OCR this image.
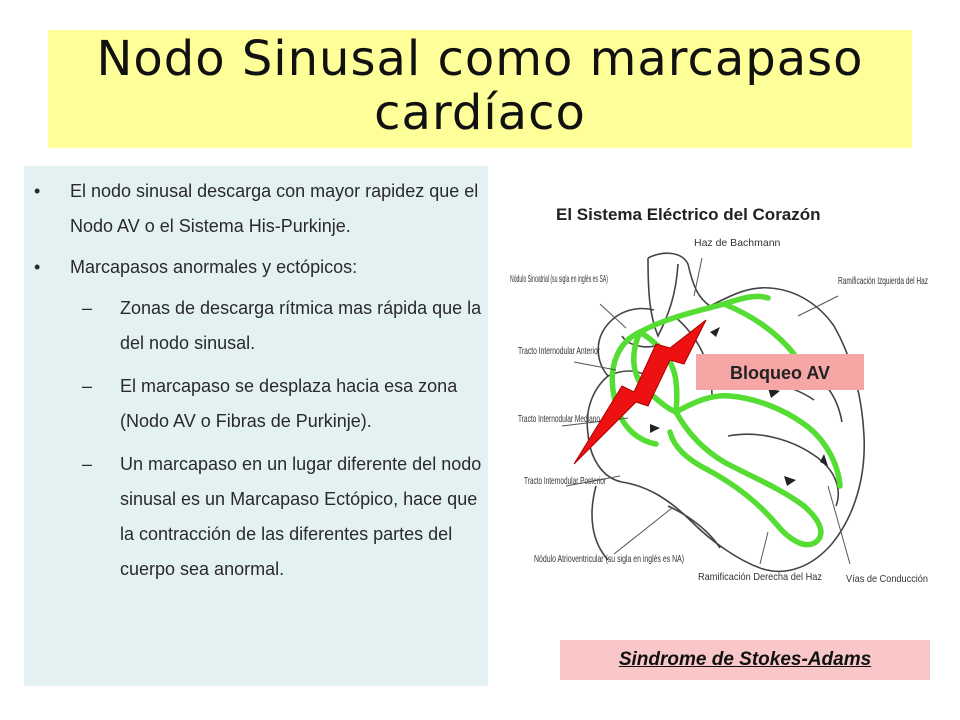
Nodo Sinusal como marcapaso
cardíaco
• El nodo sinusal descarga con mayor rapidez que el Nodo AV o el Sistema His-Purkinje.
• Marcapasos anormales y ectópicos:
– Zonas de descarga rítmica mas rápida que la del nodo sinusal.
– El marcapaso se desplaza hacia esa zona (Nodo AV o Fibras de Purkinje).
– Un marcapaso en un lugar diferente del nodo sinusal es un Marcapaso Ectópico, hace que la contracción de las diferentes partes del cuerpo sea anormal.
El Sistema Eléctrico del Corazón
Haz de Bachmann
Nódulo Sinoatrial (su sigla en inglés es SA)	Ramificación Izquierda del Haz
Tracto Internodular Anterior
Tracto Internodular Mediano
Tracto Internodular Posterior
Nódulo Atrioventricular (su sigla en inglés es NA)
Ramificación Derecha del Haz Vías de Conducción
Bloqueo AV
Sindrome de Stokes-Adams
